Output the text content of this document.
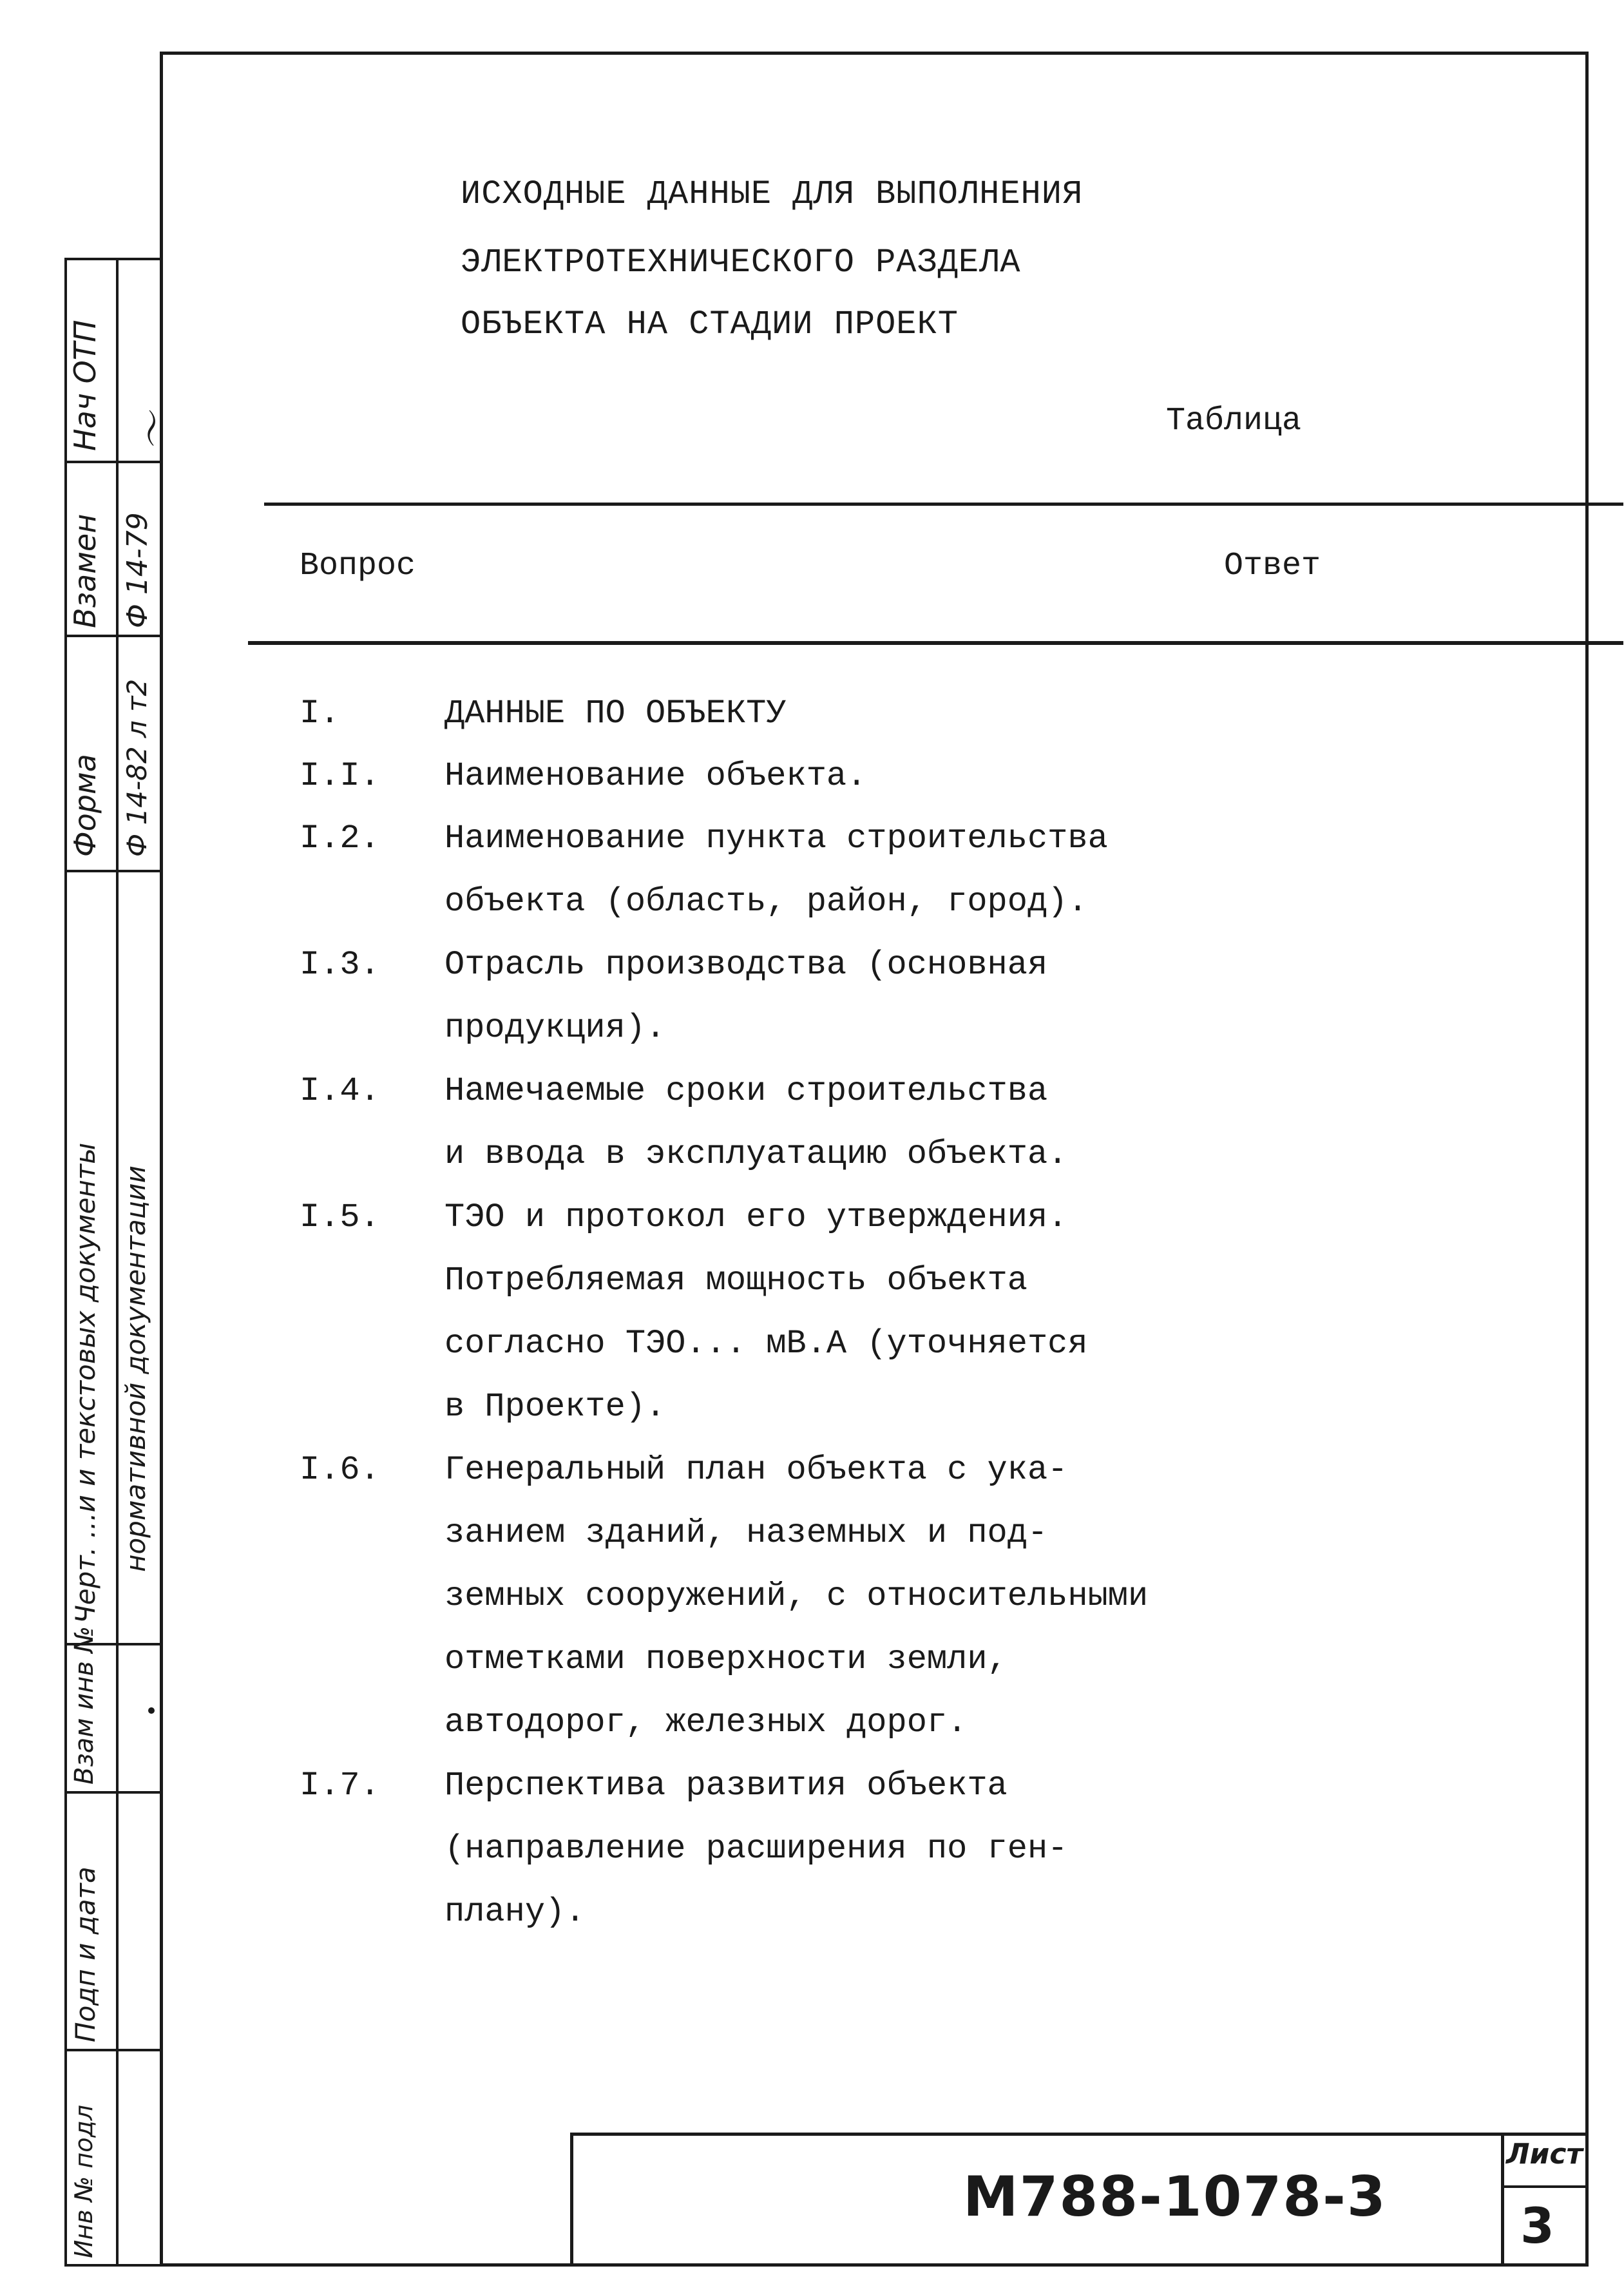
Нач ОТП 〜
Взамен Ф 14-79
Форма Ф 14-82 л т2
Черт. ...и и текстовых документы нормативной документации
Взам инв №
Подп и дата
Инв № подл
ИСХОДНЫЕ ДАННЫЕ ДЛЯ ВЫПОЛНЕНИЯ
ЭЛЕКТРОТЕХНИЧЕСКОГО РАЗДЕЛА
ОБЪЕКТА НА СТАДИИ ПРОЕКТ
Таблица
Вопрос	Ответ
I.	ДАННЫЕ ПО ОБЪЕКТУ
I.I. Наименование объекта.
I.2. Наименование пункта строительства
объекта (область, район, город).
I.3. Отрасль производства (основная
продукция).
I.4. Намечаемые сроки строительства
и ввода в эксплуатацию объекта.
I.5. ТЭО и протокол его утверждения.
Потребляемая мощность объекта
согласно ТЭО... мВ.А (уточняется
в Проекте).
I.6. Генеральный план объекта с ука-
занием зданий, наземных и под-
земных сооружений, с относительными
отметками поверхности земли,
автодорог, железных дорог.
I.7. Перспектива развития объекта
(направление расширения по ген-
плану).
M788-1078-3
Лист
3
